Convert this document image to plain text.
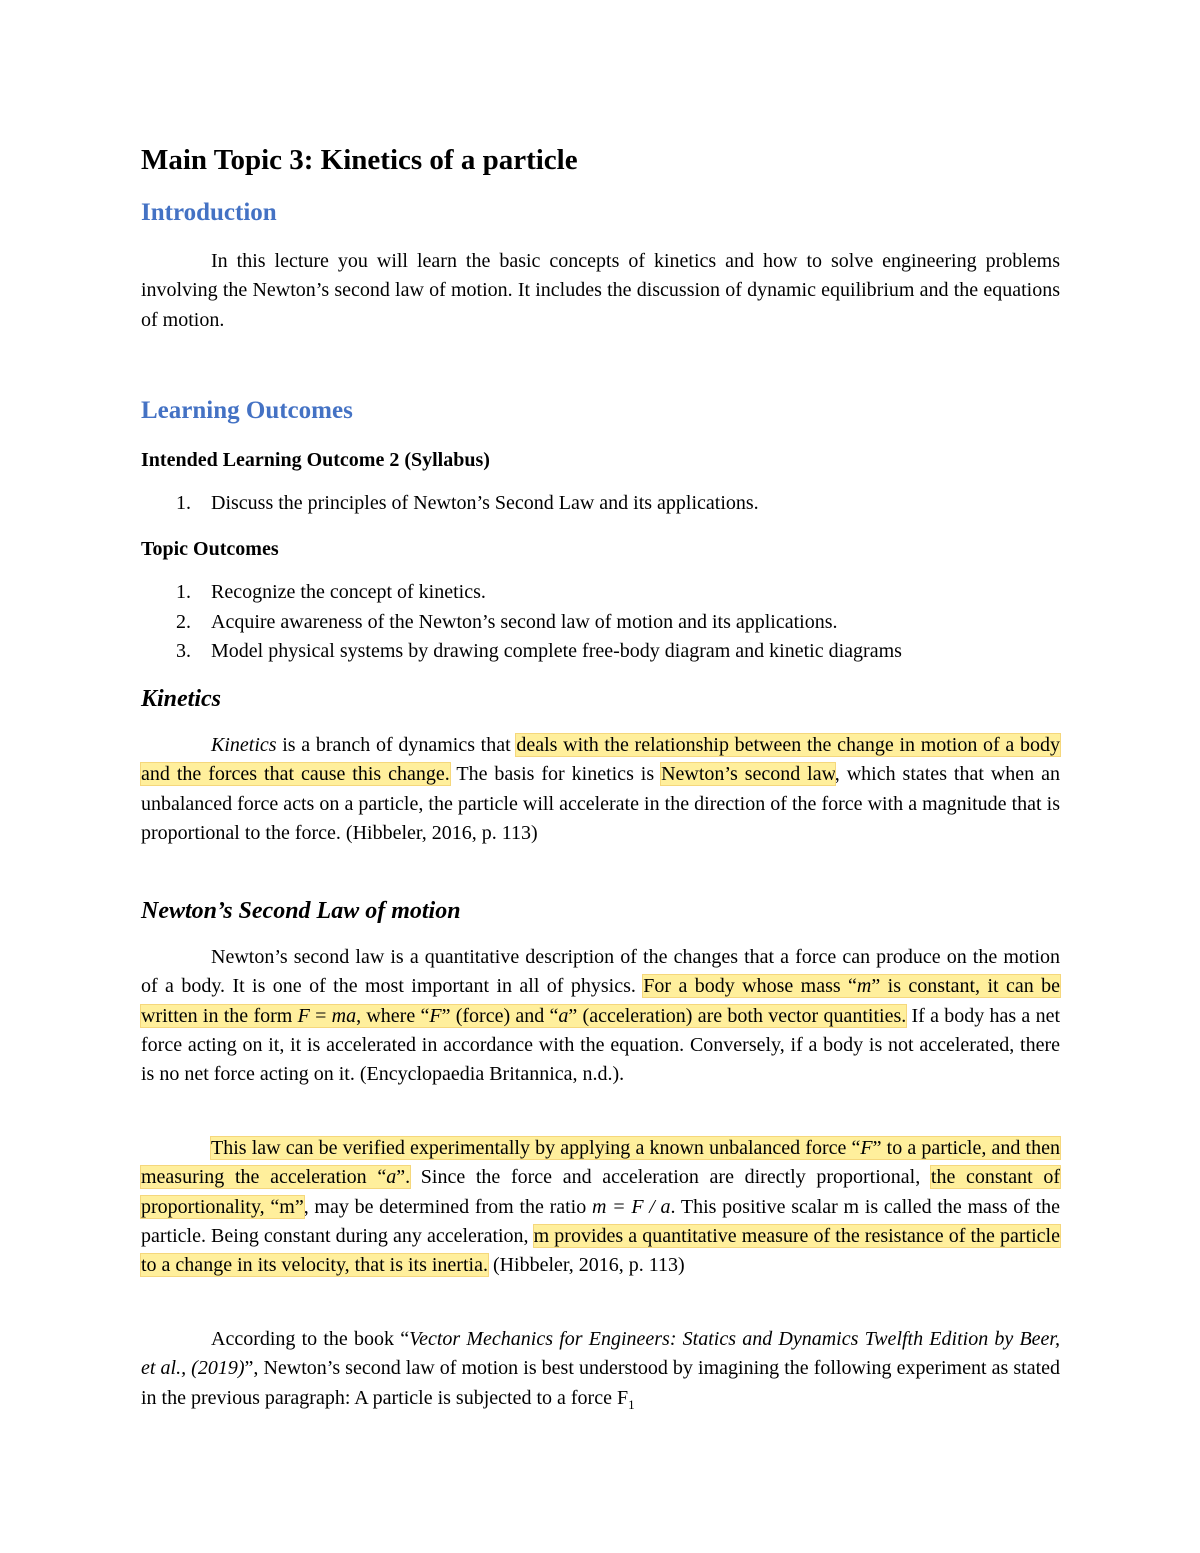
Main Topic 3: Kinetics of a particle
Introduction

In this lecture you will learn the basic concepts of kinetics and how to solve engineering problems involving the Newton’s second law of motion. It includes the discussion of dynamic equilibrium and the equations of motion.

Learning Outcomes
Intended Learning Outcome 2 (Syllabus)
1. Discuss the principles of Newton’s Second Law and its applications.
Topic Outcomes
1. Recognize the concept of kinetics.
2. Acquire awareness of the Newton’s second law of motion and its applications.
3. Model physical systems by drawing complete free-body diagram and kinetic diagrams
Kinetics

Kinetics is a branch of dynamics that deals with the relationship between the change in motion of a body and the forces that cause this change. The basis for kinetics is Newton’s second law, which states that when an unbalanced force acts on a particle, the particle will accelerate in the direction of the force with a magnitude that is proportional to the force. (Hibbeler, 2016, p. 113)

Newton’s Second Law of motion

Newton’s second law is a quantitative description of the changes that a force can produce on the motion of a body. It is one of the most important in all of physics. For a body whose mass “m” is constant, it can be written in the form F = ma, where “F” (force) and “a” (acceleration) are both vector quantities. If a body has a net force acting on it, it is accelerated in accordance with the equation. Conversely, if a body is not accelerated, there is no net force acting on it. (Encyclopaedia Britannica, n.d.).

This law can be verified experimentally by applying a known unbalanced force “F” to a particle, and then measuring the acceleration “a”. Since the force and acceleration are directly proportional, the constant of proportionality, “m”, may be determined from the ratio m = F / a. This positive scalar m is called the mass of the particle. Being constant during any acceleration, m provides a quantitative measure of the resistance of the particle to a change in its velocity, that is its inertia. (Hibbeler, 2016, p. 113)

According to the book “Vector Mechanics for Engineers: Statics and Dynamics Twelfth Edition by Beer, et al., (2019)”, Newton’s second law of motion is best understood by imagining the following experiment as stated in the previous paragraph: A particle is subjected to a force $F_1$
